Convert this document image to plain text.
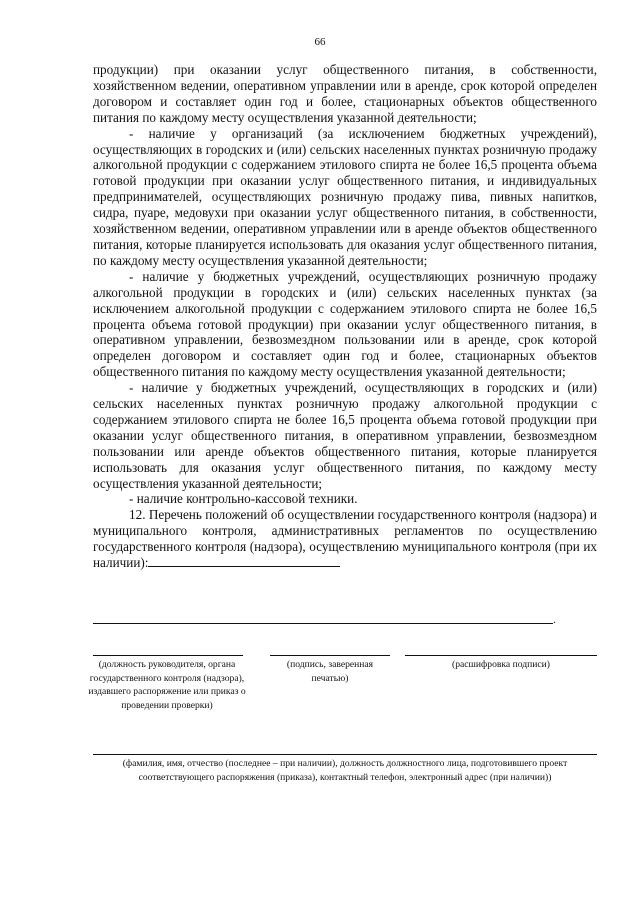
66

продукции) при оказании услуг общественного питания, в собственности, хозяйственном ведении, оперативном управлении или в аренде, срок которой определен договором и составляет один год и более, стационарных объектов общественного питания по каждому месту осуществления указанной деятельности;

- наличие у организаций (за исключением бюджетных учреждений), осуществляющих в городских и (или) сельских населенных пунктах розничную продажу алкогольной продукции с содержанием этилового спирта не более 16,5 процента объема готовой продукции при оказании услуг общественного питания, и индивидуальных предпринимателей, осуществляющих розничную продажу пива, пивных напитков, сидра, пуаре, медовухи при оказании услуг общественного питания, в собственности, хозяйственном ведении, оперативном управлении или в аренде объектов общественного питания, которые планируется использовать для оказания услуг общественного питания, по каждому месту осуществления указанной деятельности;

- наличие у бюджетных учреждений, осуществляющих розничную продажу алкогольной продукции в городских и (или) сельских населенных пунктах (за исключением алкогольной продукции с содержанием этилового спирта не более 16,5 процента объема готовой продукции) при оказании услуг общественного питания, в оперативном управлении, безвозмездном пользовании или в аренде, срок которой определен договором и составляет один год и более, стационарных объектов общественного питания по каждому месту осуществления указанной деятельности;

- наличие у бюджетных учреждений, осуществляющих в городских и (или) сельских населенных пунктах розничную продажу алкогольной продукции с содержанием этилового спирта не более 16,5 процента объема готовой продукции при оказании услуг общественного питания, в оперативном управлении, безвозмездном пользовании или аренде объектов общественного питания, которые планируется использовать для оказания услуг общественного питания, по каждому месту осуществления указанной деятельности;

- наличие контрольно-кассовой техники.

12. Перечень положений об осуществлении государственного контроля (надзора) и муниципального контроля, административных регламентов по осуществлению государственного контроля (надзора), осуществлению муниципального контроля (при их наличии):

.
(должность руководителя, органа государственного контроля (надзора), издавшего распоряжение или приказ о проведении проверки)
(подпись, заверенная печатью)
(расшифровка подписи)
(фамилия, имя, отчество (последнее – при наличии), должность должностного лица, подготовившего проект соответствующего распоряжения (приказа), контактный телефон, электронный адрес (при наличии))
